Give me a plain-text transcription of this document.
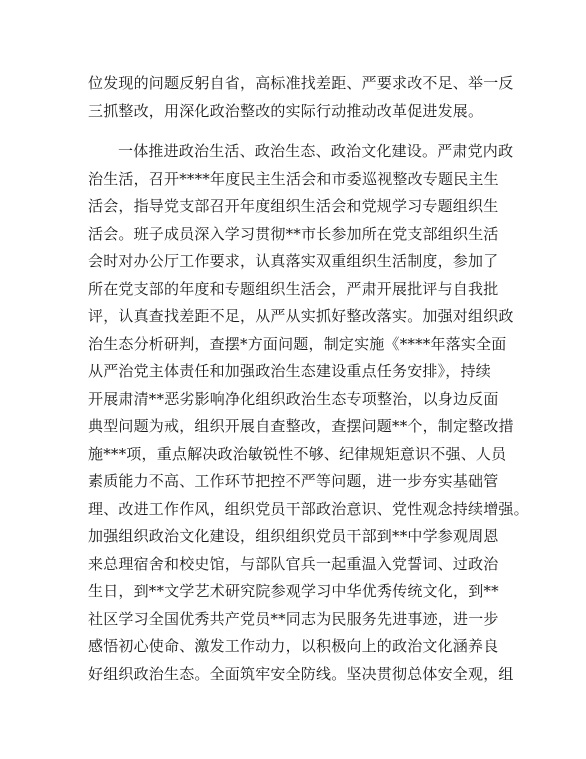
位发现的问题反躬自省，高标准找差距、严要求改不足、举一反
三抓整改，用深化政治整改的实际行动推动改革促进发展。
一体推进政治生活、政治生态、政治文化建设。严肃党内政
治生活，召开****年度民主生活会和市委巡视整改专题民主生
活会，指导党支部召开年度组织生活会和党规学习专题组织生
活会。班子成员深入学习贯彻**市长参加所在党支部组织生活
会时对办公厅工作要求，认真落实双重组织生活制度，参加了
所在党支部的年度和专题组织生活会，严肃开展批评与自我批
评，认真查找差距不足，从严从实抓好整改落实。加强对组织政
治生态分析研判，查摆*方面问题，制定实施《****年落实全面
从严治党主体责任和加强政治生态建设重点任务安排》，持续
开展肃清**恶劣影响净化组织政治生态专项整治，以身边反面
典型问题为戒，组织开展自查整改，查摆问题**个，制定整改措
施***项，重点解决政治敏锐性不够、纪律规矩意识不强、人员
素质能力不高、工作环节把控不严等问题，进一步夯实基础管
理、改进工作作风，组织党员干部政治意识、党性观念持续增强。
加强组织政治文化建设，组织组织党员干部到**中学参观周恩
来总理宿舍和校史馆，与部队官兵一起重温入党誓词、过政治
生日，到**文学艺术研究院参观学习中华优秀传统文化，到**
社区学习全国优秀共产党员**同志为民服务先进事迹，进一步
感悟初心使命、激发工作动力，以积极向上的政治文化涵养良
好组织政治生态。全面筑牢安全防线。坚决贯彻总体安全观，组
